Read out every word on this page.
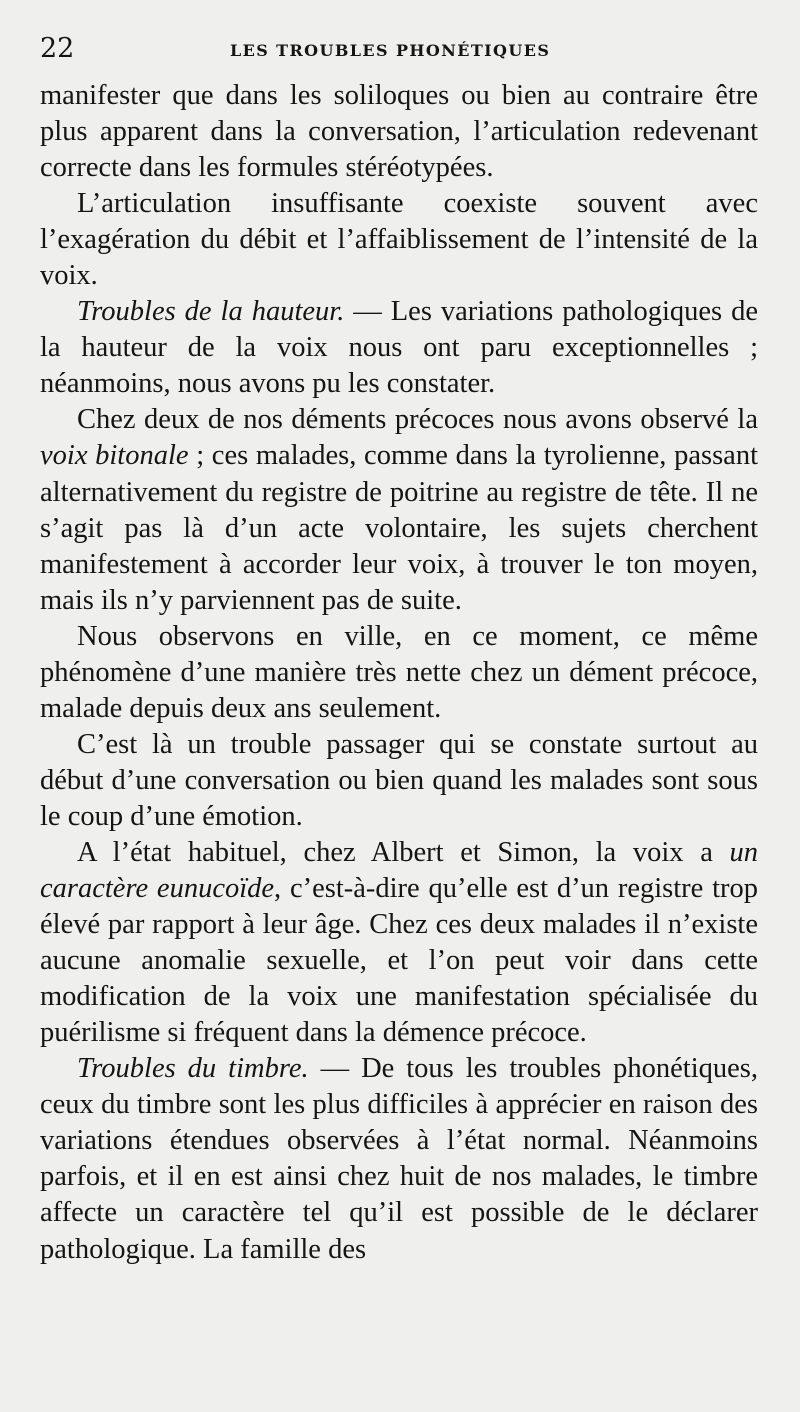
22	LES TROUBLES PHONÉTIQUES

manifester que dans les soliloques ou bien au contraire être plus apparent dans la conversation, l’articulation redevenant correcte dans les formules stéréotypées.

L’articulation insuffisante coexiste souvent avec l’exagération du débit et l’affaiblissement de l’intensité de la voix.

Troubles de la hauteur. — Les variations pathologiques de la hauteur de la voix nous ont paru exceptionnelles ; néanmoins, nous avons pu les constater.

Chez deux de nos déments précoces nous avons observé la voix bitonale ; ces malades, comme dans la tyrolienne, passant alternativement du registre de poitrine au registre de tête. Il ne s’agit pas là d’un acte volontaire, les sujets cherchent manifestement à accorder leur voix, à trouver le ton moyen, mais ils n’y parviennent pas de suite.

Nous observons en ville, en ce moment, ce même phénomène d’une manière très nette chez un dément précoce, malade depuis deux ans seulement.

C’est là un trouble passager qui se constate surtout au début d’une conversation ou bien quand les malades sont sous le coup d’une émotion.

A l’état habituel, chez Albert et Simon, la voix a un caractère eunucoïde, c’est-à-dire qu’elle est d’un registre trop élevé par rapport à leur âge. Chez ces deux malades il n’existe aucune anomalie sexuelle, et l’on peut voir dans cette modification de la voix une manifestation spécialisée du puérilisme si fréquent dans la démence précoce.

Troubles du timbre. — De tous les troubles phonétiques, ceux du timbre sont les plus difficiles à apprécier en raison des variations étendues observées à l’état normal. Néanmoins parfois, et il en est ainsi chez huit de nos malades, le timbre affecte un caractère tel qu’il est possible de le déclarer pathologique. La famille des
